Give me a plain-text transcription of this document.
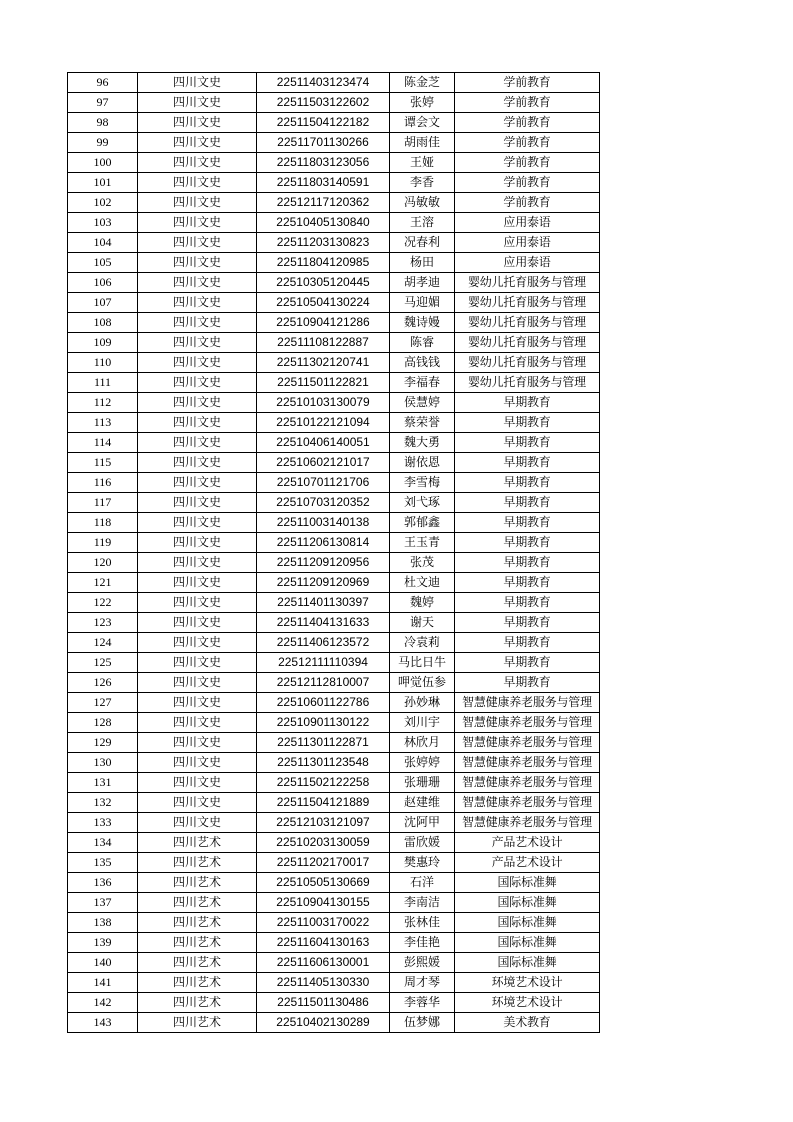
96	四川文史	22511403123474	陈金芝	学前教育
97	四川文史	22511503122602	张婷	学前教育
98	四川文史	22511504122182	谭会文	学前教育
99	四川文史	22511701130266	胡雨佳	学前教育
100	四川文史	22511803123056	王娅	学前教育
101	四川文史	22511803140591	李香	学前教育
102	四川文史	22512117120362	冯敏敏	学前教育
103	四川文史	22510405130840	王溶	应用泰语
104	四川文史	22511203130823	况春利	应用泰语
105	四川文史	22511804120985	杨田	应用泰语
106	四川文史	22510305120445	胡孝迪	婴幼儿托育服务与管理
107	四川文史	22510504130224	马迎媚	婴幼儿托育服务与管理
108	四川文史	22510904121286	魏诗嫚	婴幼儿托育服务与管理
109	四川文史	22511108122887	陈睿	婴幼儿托育服务与管理
110	四川文史	22511302120741	高钱钱	婴幼儿托育服务与管理
111	四川文史	22511501122821	李福春	婴幼儿托育服务与管理
112	四川文史	22510103130079	侯慧婷	早期教育
113	四川文史	22510122121094	蔡荣誉	早期教育
114	四川文史	22510406140051	魏大勇	早期教育
115	四川文史	22510602121017	谢依恩	早期教育
116	四川文史	22510701121706	李雪梅	早期教育
117	四川文史	22510703120352	刘弋琢	早期教育
118	四川文史	22511003140138	郭郁鑫	早期教育
119	四川文史	22511206130814	王玉青	早期教育
120	四川文史	22511209120956	张茂	早期教育
121	四川文史	22511209120969	杜文迪	早期教育
122	四川文史	22511401130397	魏婷	早期教育
123	四川文史	22511404131633	谢天	早期教育
124	四川文史	22511406123572	冷袁莉	早期教育
125	四川文史	22512111110394	马比日牛	早期教育
126	四川文史	22512112810007	呷觉伍参	早期教育
127	四川文史	22510601122786	孙妙琳	智慧健康养老服务与管理
128	四川文史	22510901130122	刘川宇	智慧健康养老服务与管理
129	四川文史	22511301122871	林欣月	智慧健康养老服务与管理
130	四川文史	22511301123548	张婷婷	智慧健康养老服务与管理
131	四川文史	22511502122258	张珊珊	智慧健康养老服务与管理
132	四川文史	22511504121889	赵建维	智慧健康养老服务与管理
133	四川文史	22512103121097	沈阿甲	智慧健康养老服务与管理
134	四川艺术	22510203130059	雷欣媛	产品艺术设计
135	四川艺术	22511202170017	樊惠玲	产品艺术设计
136	四川艺术	22510505130669	石洋	国际标准舞
137	四川艺术	22510904130155	李南洁	国际标准舞
138	四川艺术	22511003170022	张林佳	国际标准舞
139	四川艺术	22511604130163	李佳艳	国际标准舞
140	四川艺术	22511606130001	彭熙媛	国际标准舞
141	四川艺术	22511405130330	周才琴	环境艺术设计
142	四川艺术	22511501130486	李蓉华	环境艺术设计
143	四川艺术	22510402130289	伍梦娜	美术教育
